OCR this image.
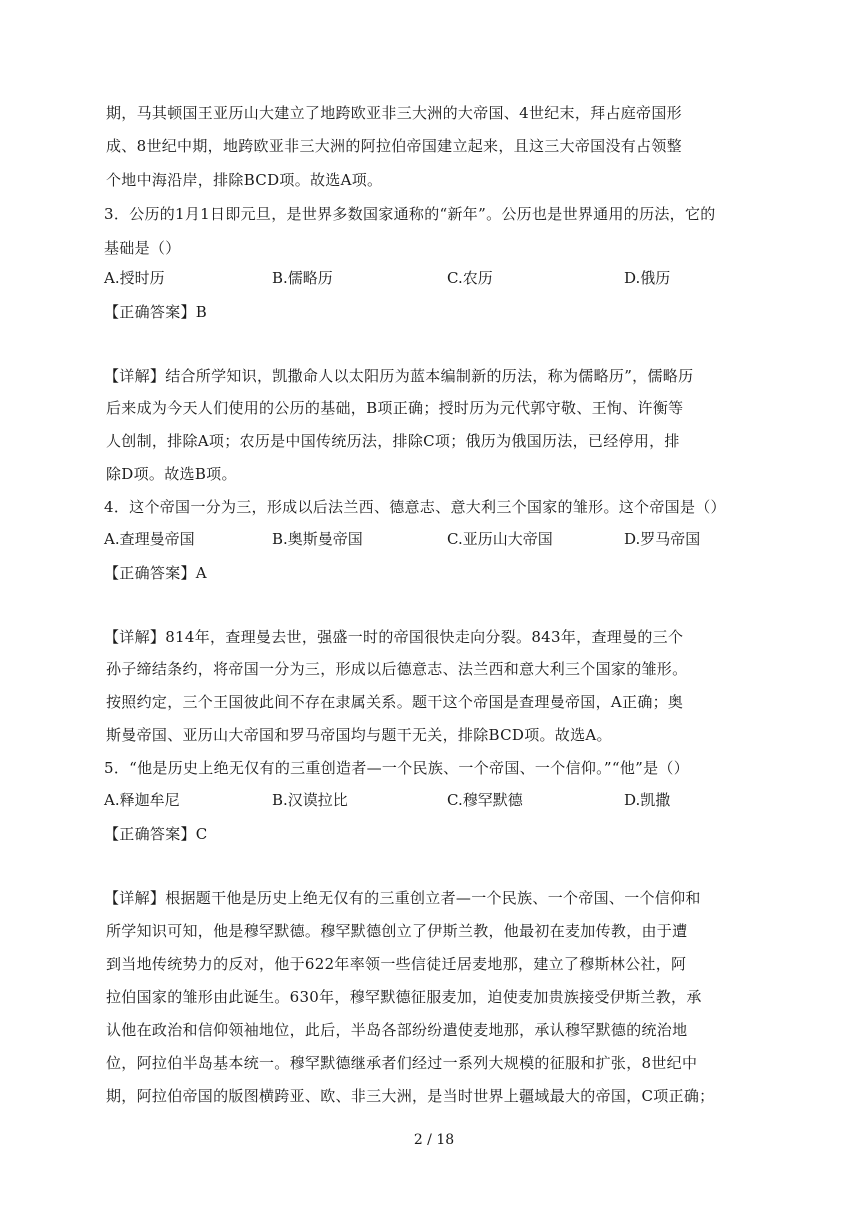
期，马其顿国王亚历山大建立了地跨欧亚非三大洲的大帝国、4世纪末，拜占庭帝国形
成、8世纪中期，地跨欧亚非三大洲的阿拉伯帝国建立起来，且这三大帝国没有占领整
个地中海沿岸，排除BCD项。故选A项。
3．公历的1月1日即元旦，是世界多数国家通称的“新年”。公历也是世界通用的历法，它的
基础是（）
A.授时历	B.儒略历	C.农历	D.俄历
【正确答案】B
【详解】结合所学知识，凯撒命人以太阳历为蓝本编制新的历法，称为儒略历”，儒略历
后来成为今天人们使用的公历的基础，B项正确；授时历为元代郭守敬、王恂、许衡等
人创制，排除A项；农历是中国传统历法，排除C项；俄历为俄国历法，已经停用，排
除D项。故选B项。
4．这个帝国一分为三，形成以后法兰西、德意志、意大利三个国家的雏形。这个帝国是（）
A.查理曼帝国	B.奥斯曼帝国	C.亚历山大帝国	D.罗马帝国
【正确答案】A
【详解】814年，查理曼去世，强盛一时的帝国很快走向分裂。843年，查理曼的三个
孙子缔结条约，将帝国一分为三，形成以后德意志、法兰西和意大利三个国家的雏形。
按照约定，三个王国彼此间不存在隶属关系。题干这个帝国是查理曼帝国，A正确；奥
斯曼帝国、亚历山大帝国和罗马帝国均与题干无关，排除BCD项。故选A。
5．“他是历史上绝无仅有的三重创造者—一个民族、一个帝国、一个信仰。”“他”是（）
A.释迦牟尼	B.汉谟拉比	C.穆罕默德	D.凯撒
【正确答案】C
【详解】根据题干他是历史上绝无仅有的三重创立者—一个民族、一个帝国、一个信仰和
所学知识可知，他是穆罕默德。穆罕默德创立了伊斯兰教，他最初在麦加传教，由于遭
到当地传统势力的反对，他于622年率领一些信徒迁居麦地那，建立了穆斯林公社，阿
拉伯国家的雏形由此诞生。630年，穆罕默德征服麦加，迫使麦加贵族接受伊斯兰教，承
认他在政治和信仰领袖地位，此后，半岛各部纷纷遣使麦地那，承认穆罕默德的统治地
位，阿拉伯半岛基本统一。穆罕默德继承者们经过一系列大规模的征服和扩张，8世纪中
期，阿拉伯帝国的版图横跨亚、欧、非三大洲，是当时世界上疆域最大的帝国，C项正确；
2 / 18
